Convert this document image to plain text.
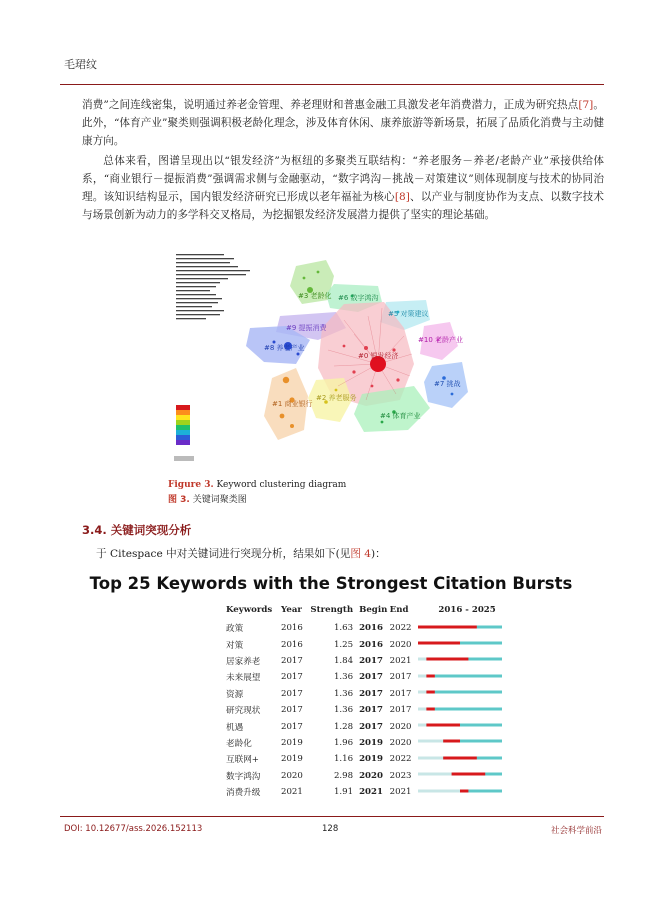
毛珺纹

消费”之间连线密集，说明通过养老金管理、养老理财和普惠金融工具激发老年消费潜力，正成为研究热点[7]。此外，“体育产业”聚类则强调积极老龄化理念，涉及体育休闲、康养旅游等新场景，拓展了品质化消费与主动健康方向。

总体来看，图谱呈现出以“银发经济”为枢纽的多聚类互联结构：“养老服务－养老/老龄产业”承接供给体系，“商业银行－提振消费”强调需求侧与金融驱动，“数字鸿沟－挑战－对策建议”则体现制度与技术的协同治理。该知识结构显示，国内银发经济研究已形成以老年福祉为核心[8]、以产业与制度协作为支点、以数字技术与场景创新为动力的多学科交叉格局，为挖掘银发经济发展潜力提供了坚实的理论基础。

#3 老龄化 #6 数字鸿沟
#5 对策建议
#9 提振消费
#8 养老产业
#0 银发经济
#10 老龄产业
#7 挑战
#1 商业银行
#2 养老服务
#4 体育产业
Figure 3. Keyword clustering diagram
图 3. 关键词聚类图
3.4. 关键词突现分析
于 Citespace 中对关键词进行突现分析，结果如下(见图 4)：
Top 25 Keywords with the Strongest Citation Bursts
Keywords	Year	Strength	Begin	End	2016 - 2025
政策	2016	1.63	2016	2022	
对策	2016	1.25	2016	2020	
居家养老	2017	1.84	2017	2021	
未来展望	2017	1.36	2017	2017	
资源	2017	1.36	2017	2017	
研究现状	2017	1.36	2017	2017	
机遇	2017	1.28	2017	2020	
老龄化	2019	1.96	2019	2020	
互联网+	2019	1.16	2019	2022	
数字鸿沟	2020	2.98	2020	2023	
消费升级	2021	1.91	2021	2021	
DOI: 10.12677/ass.2026.152113	128	社会科学前沿
